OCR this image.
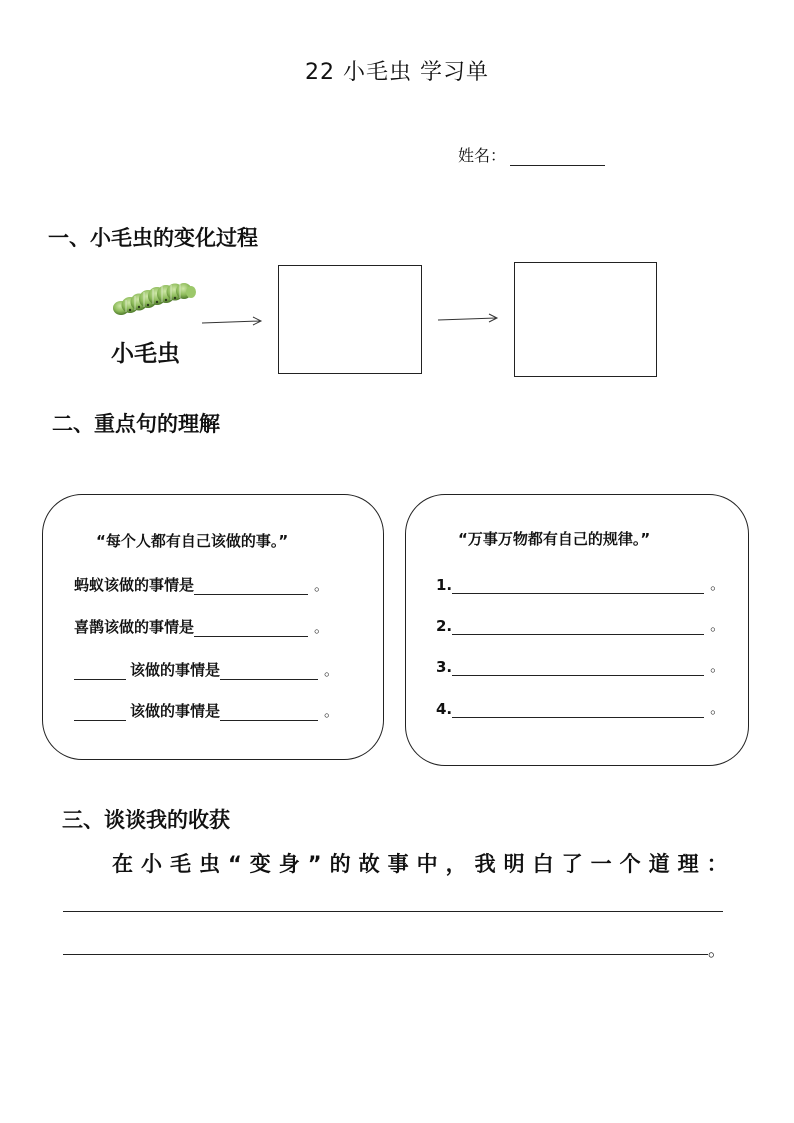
22 小毛虫 学习单
姓名：
一、小毛虫的变化过程
小毛虫
二、重点句的理解
“每个人都有自己该做的事。”
蚂蚁该做的事情是	。
喜鹊该做的事情是	。
该做的事情是	。
该做的事情是	。
“万事万物都有自己的规律。”
1.	。
2.	。
3.	。
4.	。
三、谈谈我的收获
在小毛虫“变身”的故事中，我明白了一个道理：
。
